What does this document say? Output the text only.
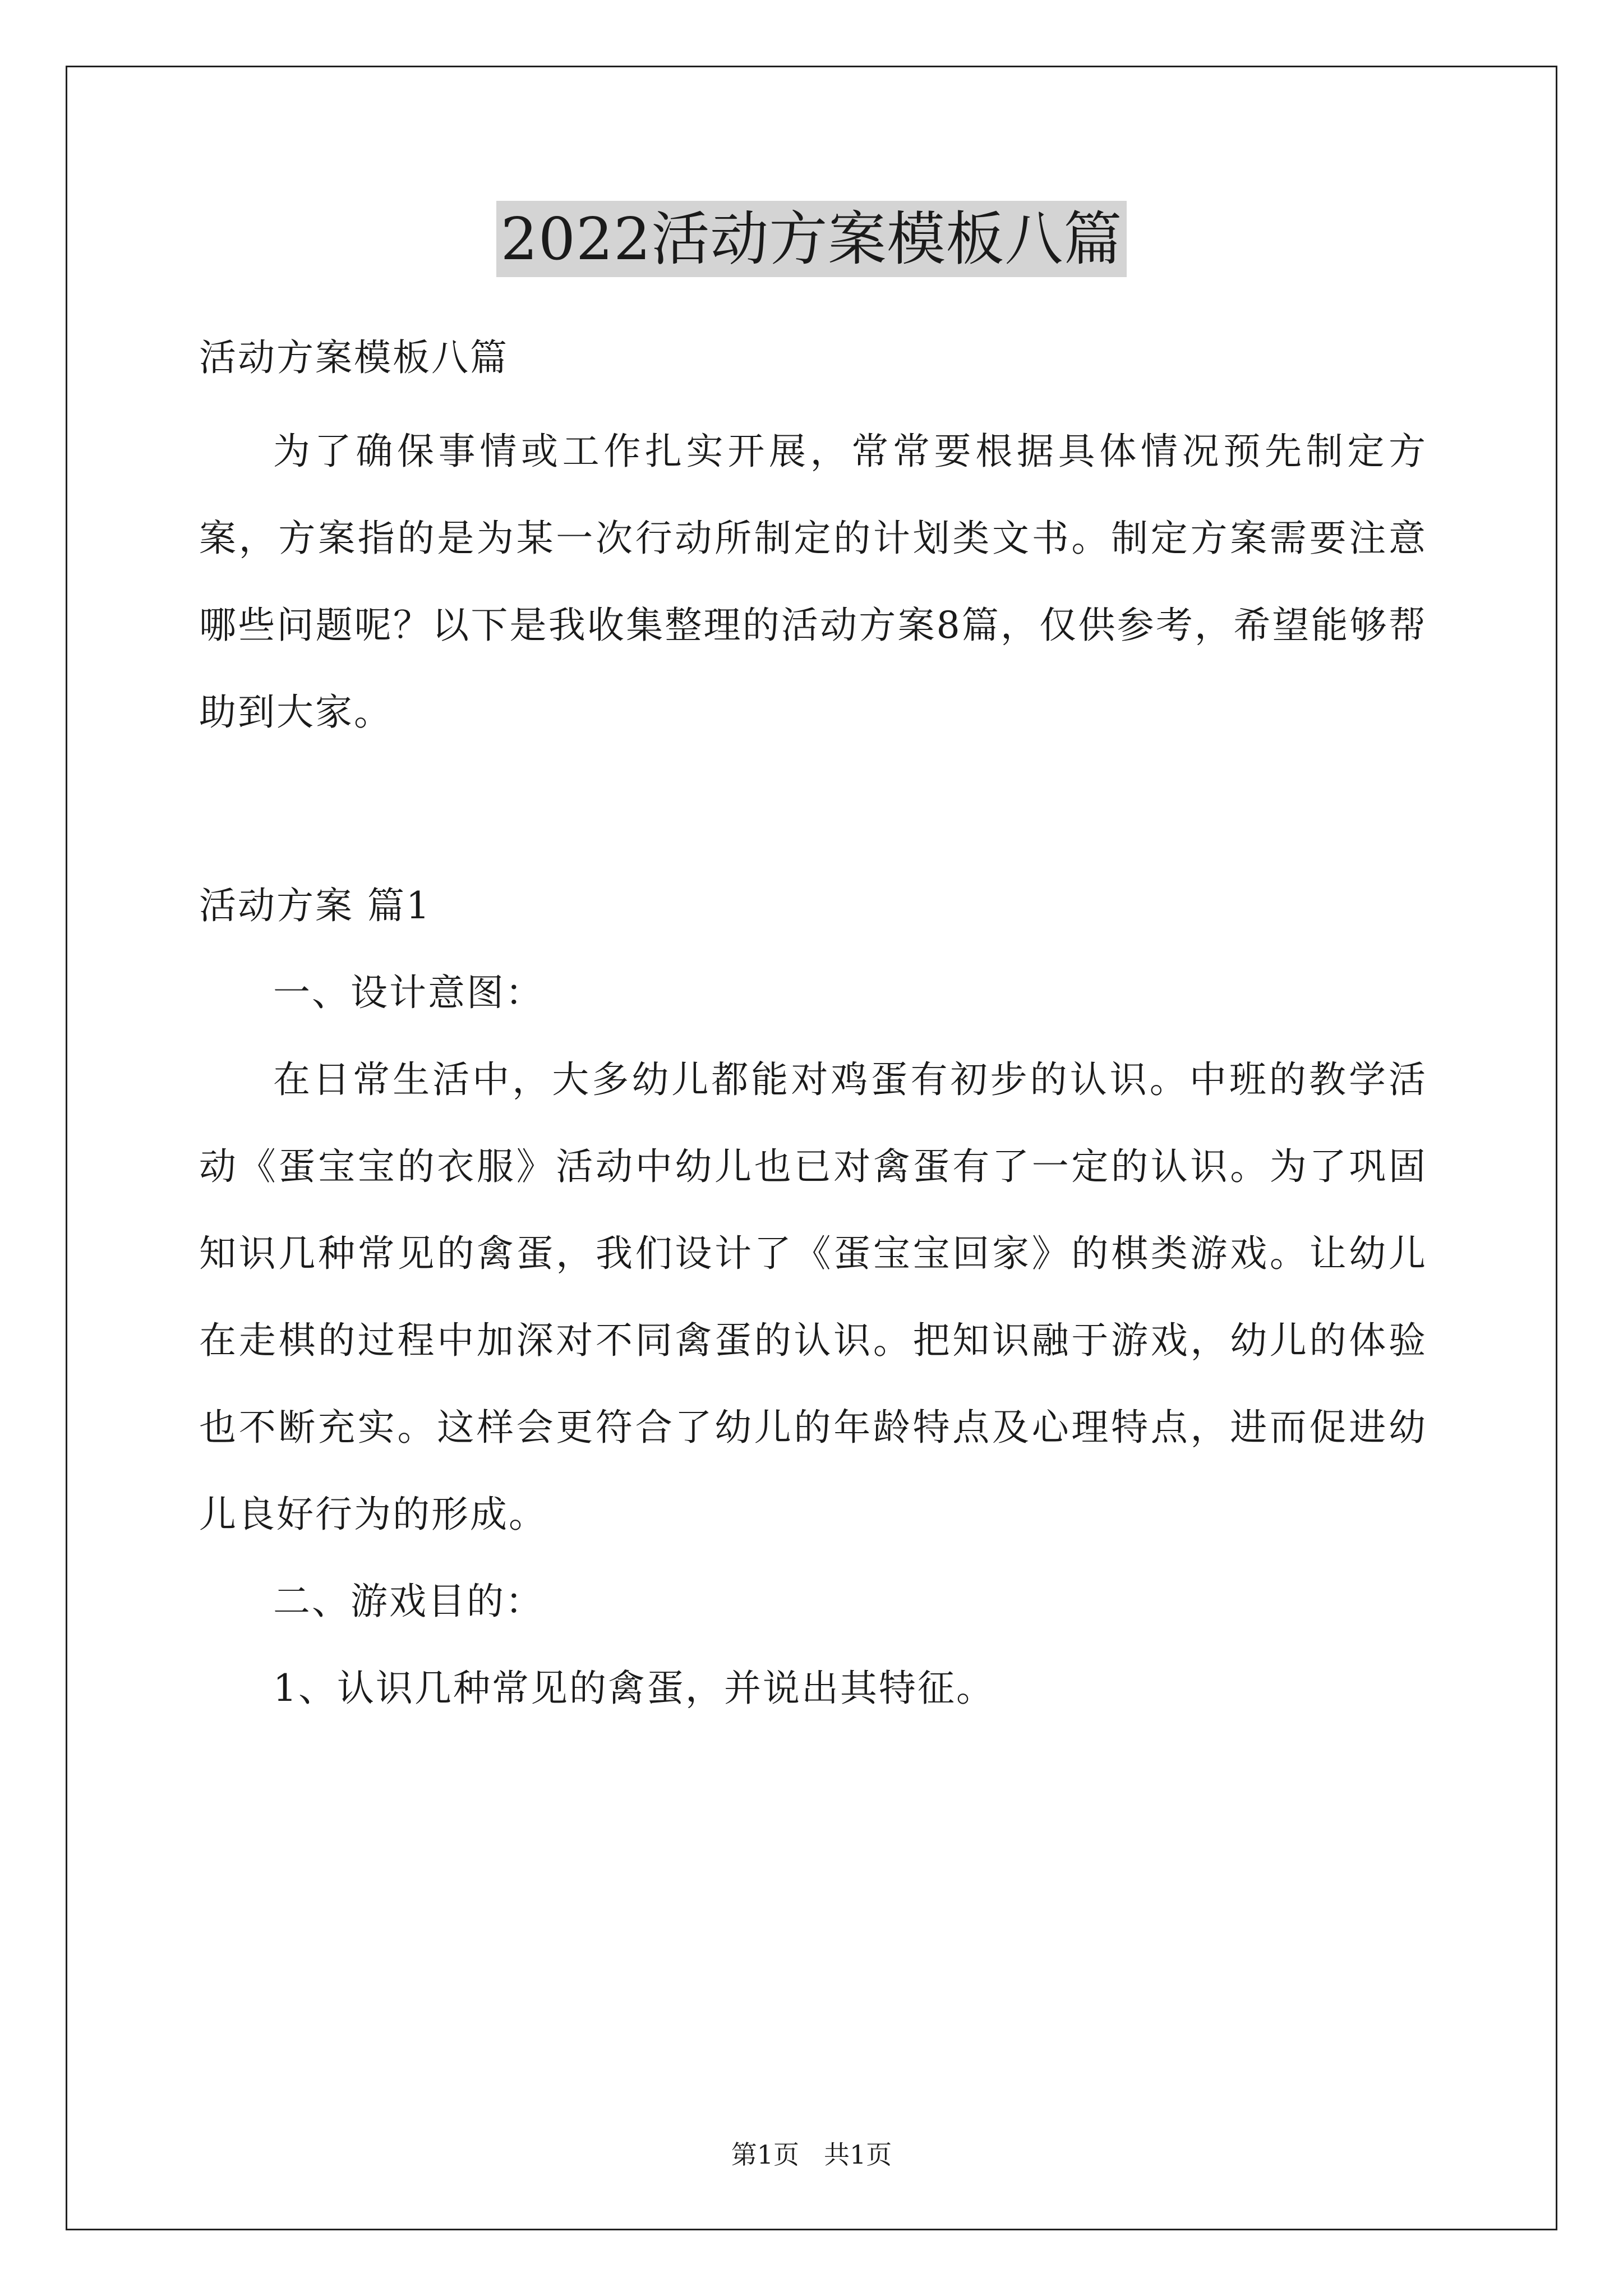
2022活动方案模板八篇

活动方案模板八篇

为了确保事情或工作扎实开展，常常要根据具体情况预先制定方案，方案指的是为某一次行动所制定的计划类文书。制定方案需要注意哪些问题呢？以下是我收集整理的活动方案8篇，仅供参考，希望能够帮助到大家。

活动方案 篇1

一、设计意图：

在日常生活中，大多幼儿都能对鸡蛋有初步的认识。中班的教学活动《蛋宝宝的衣服》活动中幼儿也已对禽蛋有了一定的认识。为了巩固知识几种常见的禽蛋，我们设计了《蛋宝宝回家》的棋类游戏。让幼儿在走棋的过程中加深对不同禽蛋的认识。把知识融于游戏，幼儿的体验也不断充实。这样会更符合了幼儿的年龄特点及心理特点，进而促进幼儿良好行为的形成。

二、游戏目的：

1、认识几种常见的禽蛋，并说出其特征。

第1页 共1页
